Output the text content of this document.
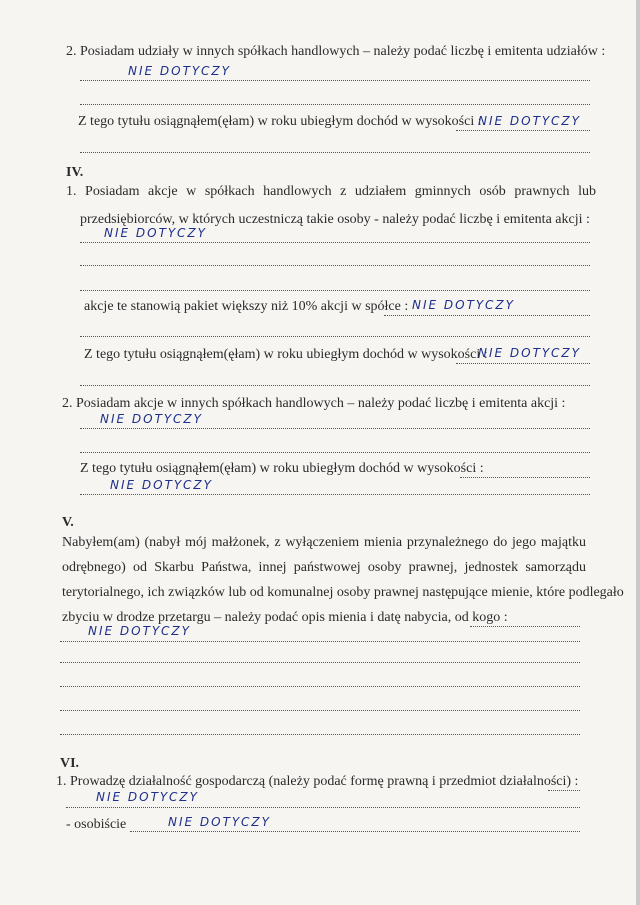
2. Posiadam udziały w innych spółkach handlowych – należy podać liczbę i emitenta udziałów :
NIE DOTYCZY
Z tego tytułu osiągnąłem(ęłam) w roku ubiegłym dochód w wysokości :
NIE DOTYCZY
IV.
1. Posiadam akcje w spółkach handlowych z udziałem gminnych osób prawnych lub
przedsiębiorców, w których uczestniczą takie osoby - należy podać liczbę i emitenta akcji :
NIE DOTYCZY
akcje te stanowią pakiet większy niż 10% akcji w spółce : NIE DOTYCZY
Z tego tytułu osiągnąłem(ęłam) w roku ubiegłym dochód w wysokości :
NIE DOTYCZY
2. Posiadam akcje w innych spółkach handlowych – należy podać liczbę i emitenta akcji :
NIE DOTYCZY
Z tego tytułu osiągnąłem(ęłam) w roku ubiegłym dochód w wysokości :
NIE DOTYCZY
V.
Nabyłem(am) (nabył mój małżonek, z wyłączeniem mienia przynależnego do jego majątku
odrębnego) od Skarbu Państwa, innej państwowej osoby prawnej, jednostek samorządu
terytorialnego, ich związków lub od komunalnej osoby prawnej następujące mienie, które podlegało
zbyciu w drodze przetargu – należy podać opis mienia i datę nabycia, od kogo :
NIE DOTYCZY
VI.
1. Prowadzę działalność gospodarczą (należy podać formę prawną i przedmiot działalności) :
NIE DOTYCZY
- osobiście	NIE DOTYCZY
